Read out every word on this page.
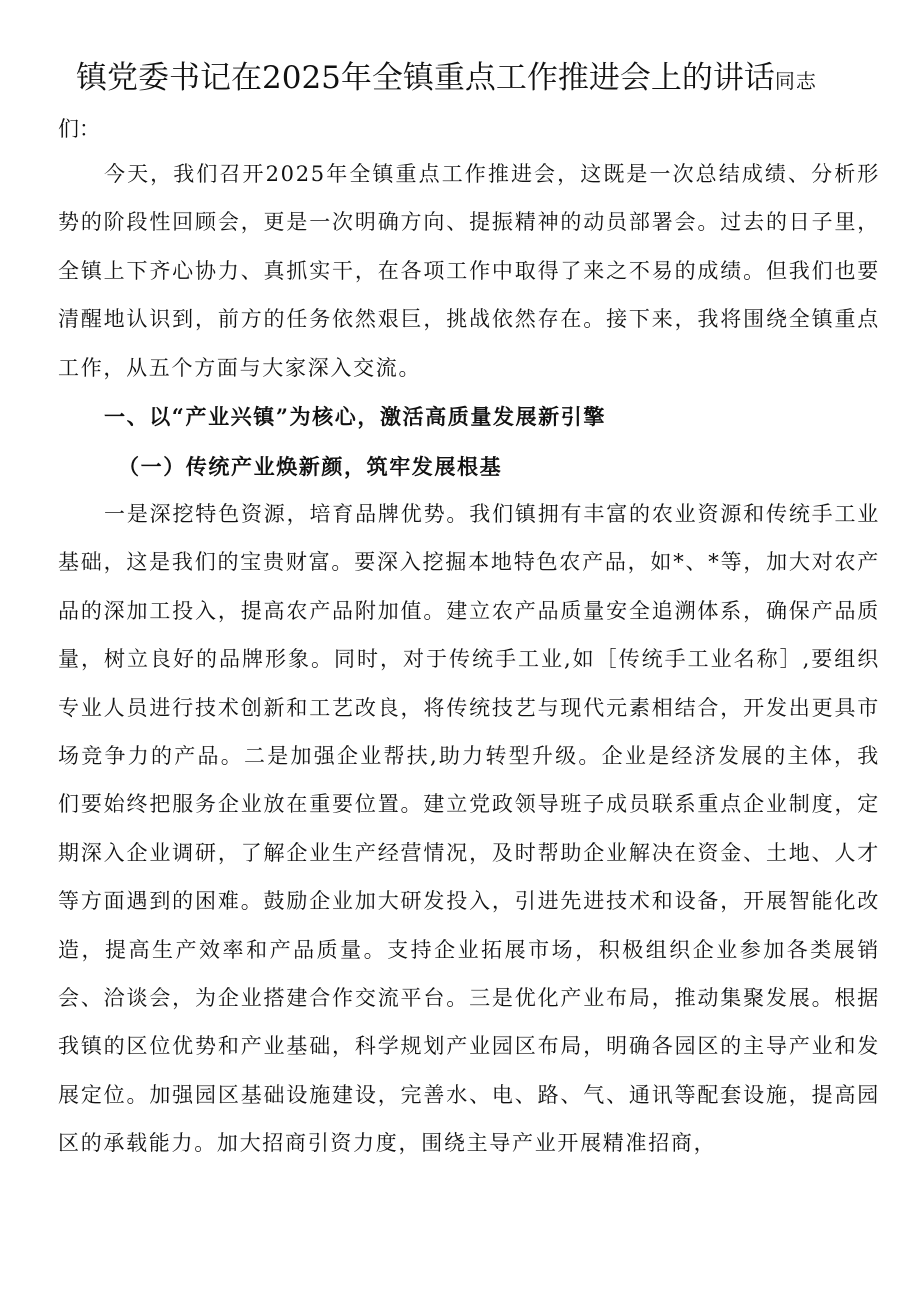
镇党委书记在2025年全镇重点工作推进会上的讲话同志
们：

今天，我们召开2025年全镇重点工作推进会，这既是一次总结成绩、分析形势的阶段性回顾会，更是一次明确方向、提振精神的动员部署会。过去的日子里，全镇上下齐心协力、真抓实干，在各项工作中取得了来之不易的成绩。但我们也要清醒地认识到，前方的任务依然艰巨，挑战依然存在。接下来，我将围绕全镇重点工作，从五个方面与大家深入交流。

一、以“产业兴镇”为核心，激活高质量发展新引擎
（一）传统产业焕新颜，筑牢发展根基

一是深挖特色资源，培育品牌优势。我们镇拥有丰富的农业资源和传统手工业基础，这是我们的宝贵财富。要深入挖掘本地特色农产品，如*、*等，加大对农产品的深加工投入，提高农产品附加值。建立农产品质量安全追溯体系，确保产品质量，树立良好的品牌形象。同时，对于传统手工业,如［传统手工业名称］,要组织专业人员进行技术创新和工艺改良，将传统技艺与现代元素相结合，开发出更具市场竞争力的产品。二是加强企业帮扶,助力转型升级。企业是经济发展的主体，我们要始终把服务企业放在重要位置。建立党政领导班子成员联系重点企业制度，定期深入企业调研，了解企业生产经营情况，及时帮助企业解决在资金、土地、人才等方面遇到的困难。鼓励企业加大研发投入，引进先进技术和设备，开展智能化改造，提高生产效率和产品质量。支持企业拓展市场，积极组织企业参加各类展销会、洽谈会，为企业搭建合作交流平台。三是优化产业布局，推动集聚发展。根据我镇的区位优势和产业基础，科学规划产业园区布局，明确各园区的主导产业和发展定位。加强园区基础设施建设，完善水、电、路、气、通讯等配套设施，提高园区的承载能力。加大招商引资力度，围绕主导产业开展精准招商，
